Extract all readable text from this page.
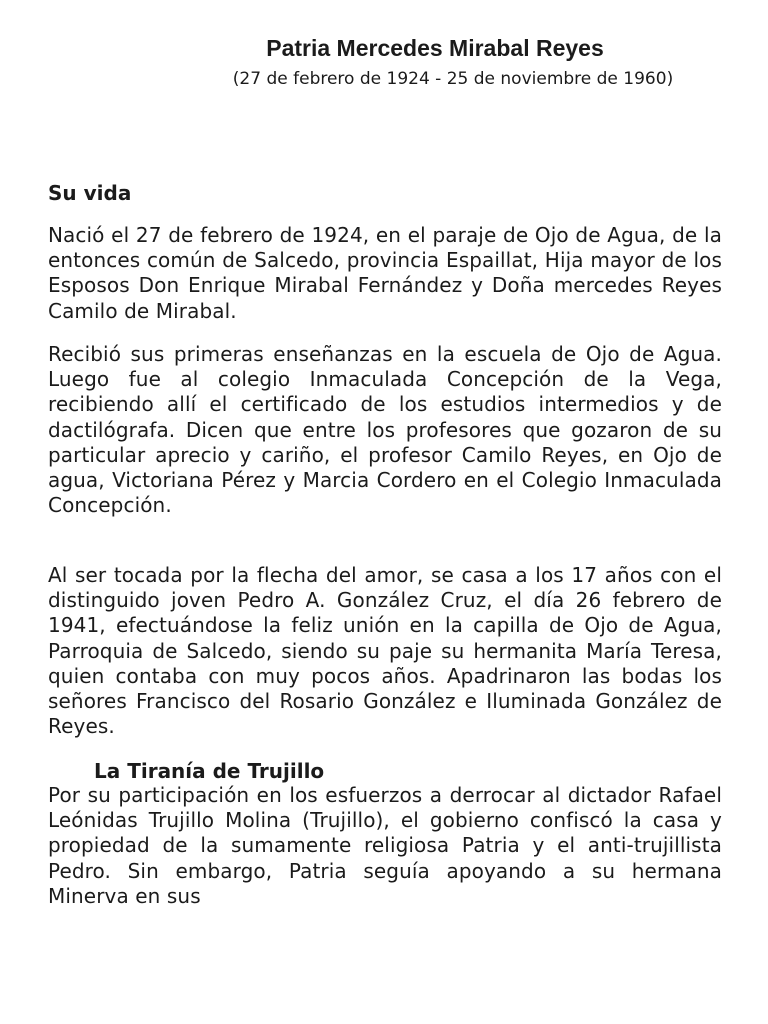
Patria Mercedes Mirabal Reyes
(27 de febrero de 1924 - 25 de noviembre de 1960)
Su vida

Nació el 27 de febrero de 1924, en el paraje de Ojo de Agua, de la entonces común de Salcedo, provincia Espaillat, Hija mayor de los Esposos Don Enrique Mirabal Fernández y Doña mercedes Reyes Camilo de Mirabal.

Recibió sus primeras enseñanzas en la escuela de Ojo de Agua. Luego fue al colegio Inmaculada Concepción de la Vega, recibiendo allí el certificado de los estudios intermedios y de dactilógrafa. Dicen que entre los profesores que gozaron de su particular aprecio y cariño, el profesor Camilo Reyes, en Ojo de agua, Victoriana Pérez y Marcia Cordero en el Colegio Inmaculada Concepción.

Al ser tocada por la flecha del amor, se casa a los 17 años con el distinguido joven Pedro A. González Cruz, el día 26 febrero de 1941, efectuándose la feliz unión en la capilla de Ojo de Agua, Parroquia de Salcedo, siendo su paje su hermanita María Teresa, quien contaba con muy pocos años. Apadrinaron las bodas los señores Francisco del Rosario González e Iluminada González de Reyes.

La Tiranía de Trujillo

Por su participación en los esfuerzos a derrocar al dictador Rafael Leónidas Trujillo Molina (Trujillo), el gobierno confiscó la casa y propiedad de la sumamente religiosa Patria y el anti-trujillista Pedro. Sin embargo, Patria seguía apoyando a su hermana Minerva en sus
